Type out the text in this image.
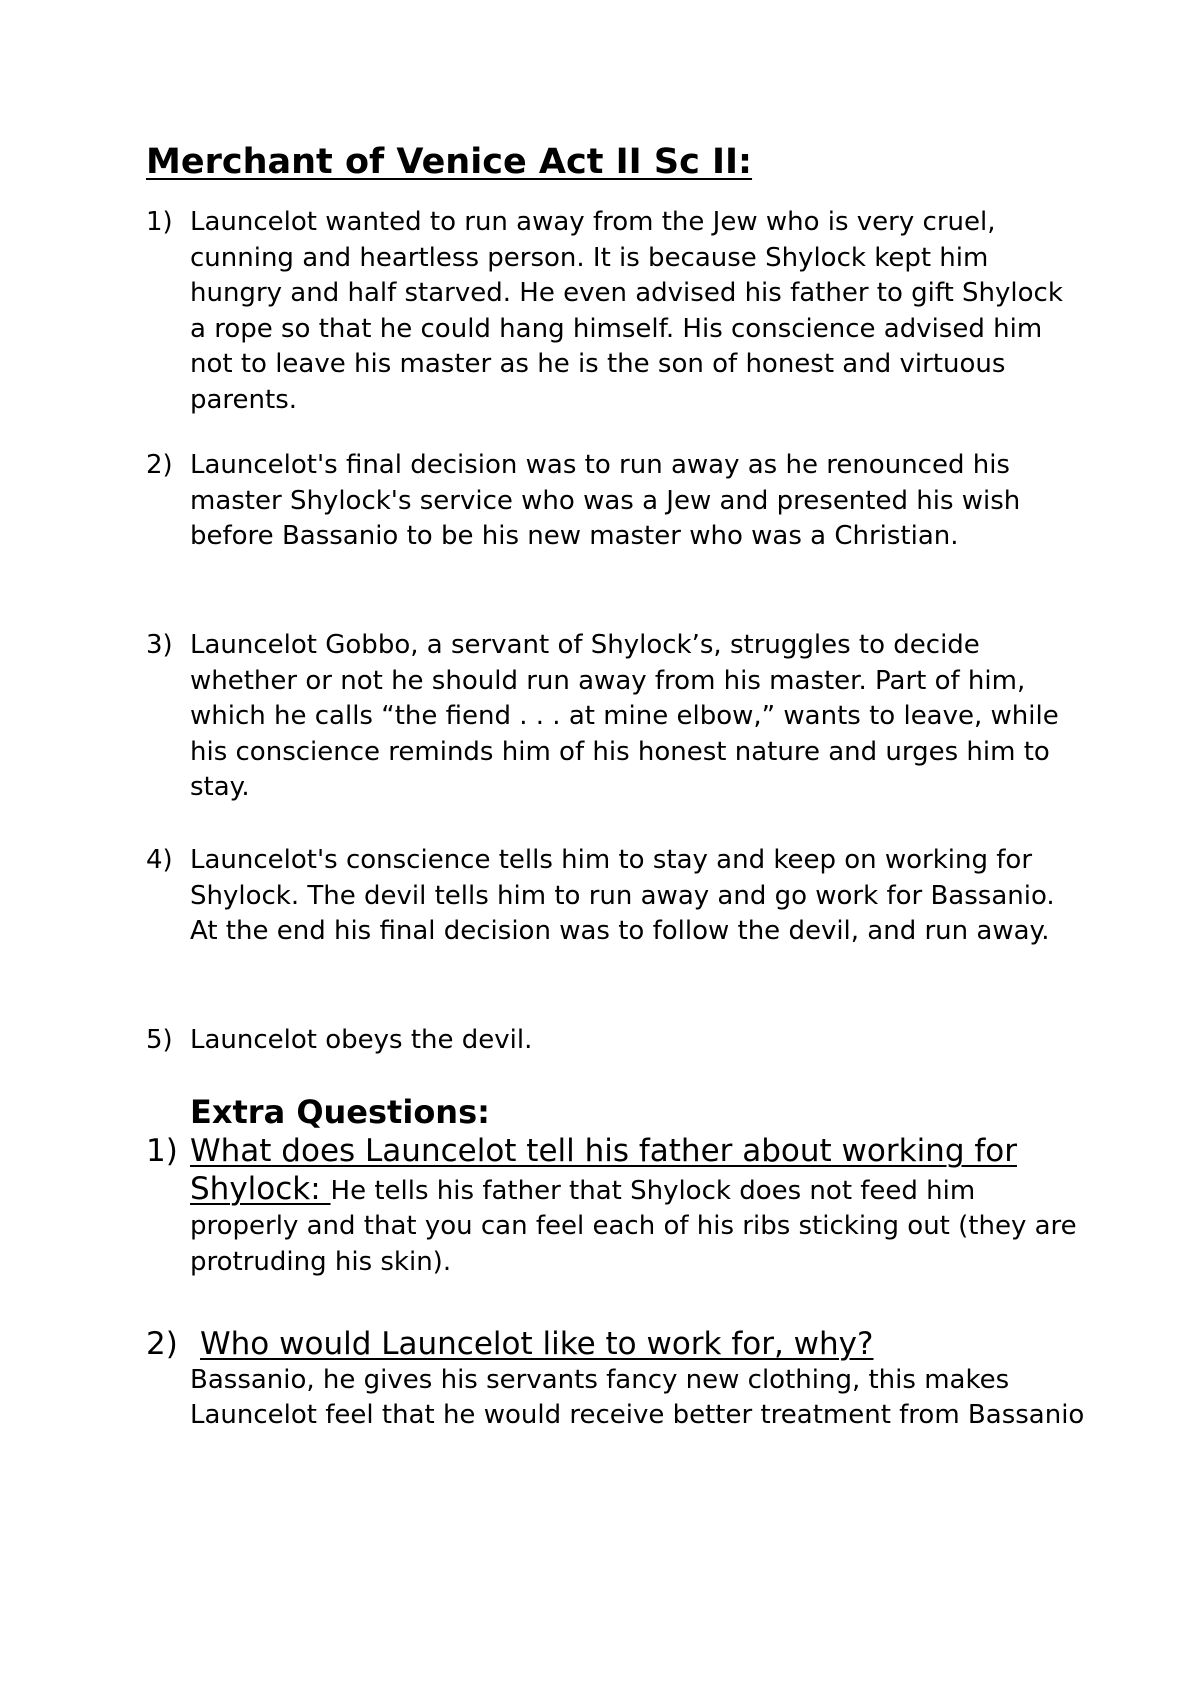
Merchant of Venice Act II Sc II:
1) Launcelot wanted to run away from the Jew who is very cruel, cunning and heartless person. It is because Shylock kept him hungry and half starved. He even advised his father to gift Shylock a rope so that he could hang himself. His conscience advised him not to leave his master as he is the son of honest and virtuous parents.
2) Launcelot's final decision was to run away as he renounced his master Shylock's service who was a Jew and presented his wish before Bassanio to be his new master who was a Christian.
3) Launcelot Gobbo, a servant of Shylock’s, struggles to decide whether or not he should run away from his master. Part of him, which he calls “the fiend . . . at mine elbow,” wants to leave, while his conscience reminds him of his honest nature and urges him to stay.
4) Launcelot's conscience tells him to stay and keep on working for Shylock. The devil tells him to run away and go work for Bassanio. At the end his final decision was to follow the devil, and run away.
5) Launcelot obeys the devil.
Extra Questions:
1) What does Launcelot tell his father about working for Shylock: He tells his father that Shylock does not feed him properly and that you can feel each of his ribs sticking out (they are protruding his skin).
2) Who would Launcelot like to work for, why?
Bassanio, he gives his servants fancy new clothing, this makes Launcelot feel that he would receive better treatment from Bassanio
